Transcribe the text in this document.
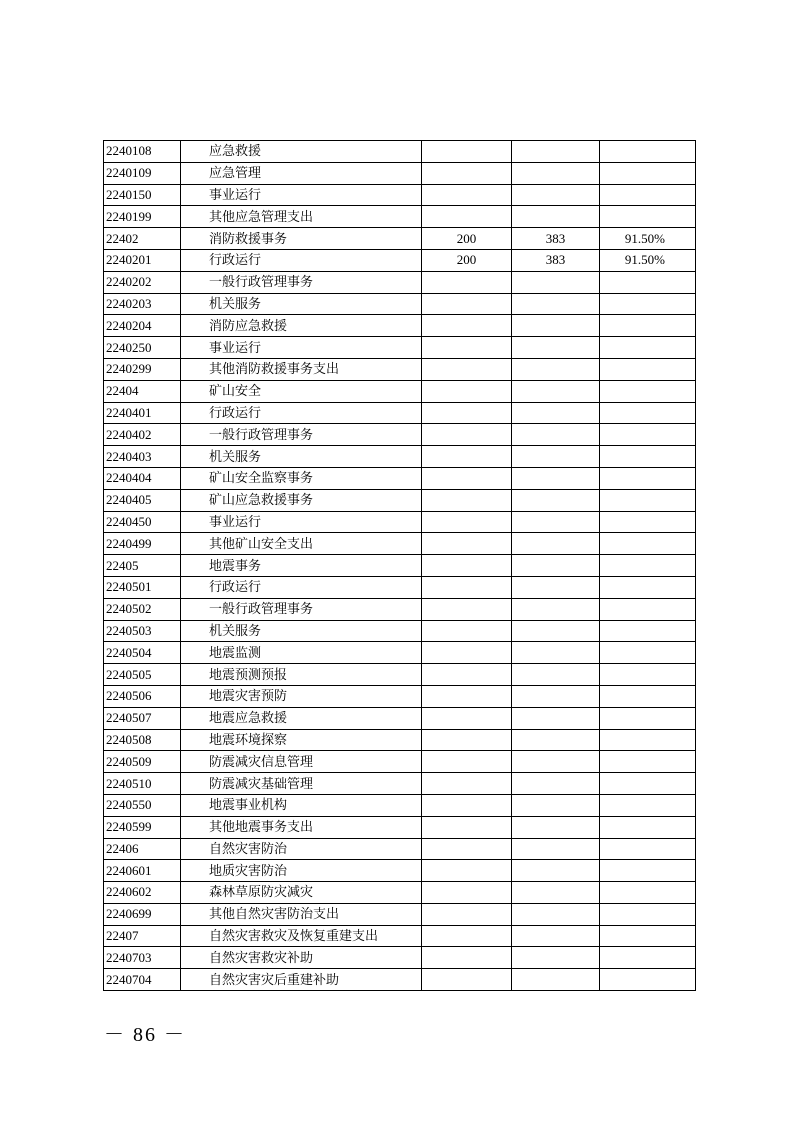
2240108	应急救援			
2240109	应急管理			
2240150	事业运行			
2240199	其他应急管理支出			
22402	消防救援事务	200	383	91.50%
2240201	行政运行	200	383	91.50%
2240202	一般行政管理事务			
2240203	机关服务			
2240204	消防应急救援			
2240250	事业运行			
2240299	其他消防救援事务支出			
22404	矿山安全			
2240401	行政运行			
2240402	一般行政管理事务			
2240403	机关服务			
2240404	矿山安全监察事务			
2240405	矿山应急救援事务			
2240450	事业运行			
2240499	其他矿山安全支出			
22405	地震事务			
2240501	行政运行			
2240502	一般行政管理事务			
2240503	机关服务			
2240504	地震监测			
2240505	地震预测预报			
2240506	地震灾害预防			
2240507	地震应急救援			
2240508	地震环境探察			
2240509	防震减灾信息管理			
2240510	防震减灾基础管理			
2240550	地震事业机构			
2240599	其他地震事务支出			
22406	自然灾害防治			
2240601	地质灾害防治			
2240602	森林草原防灾减灾			
2240699	其他自然灾害防治支出			
22407	自然灾害救灾及恢复重建支出			
2240703	自然灾害救灾补助			
2240704	自然灾害灾后重建补助			
－ 86 －
